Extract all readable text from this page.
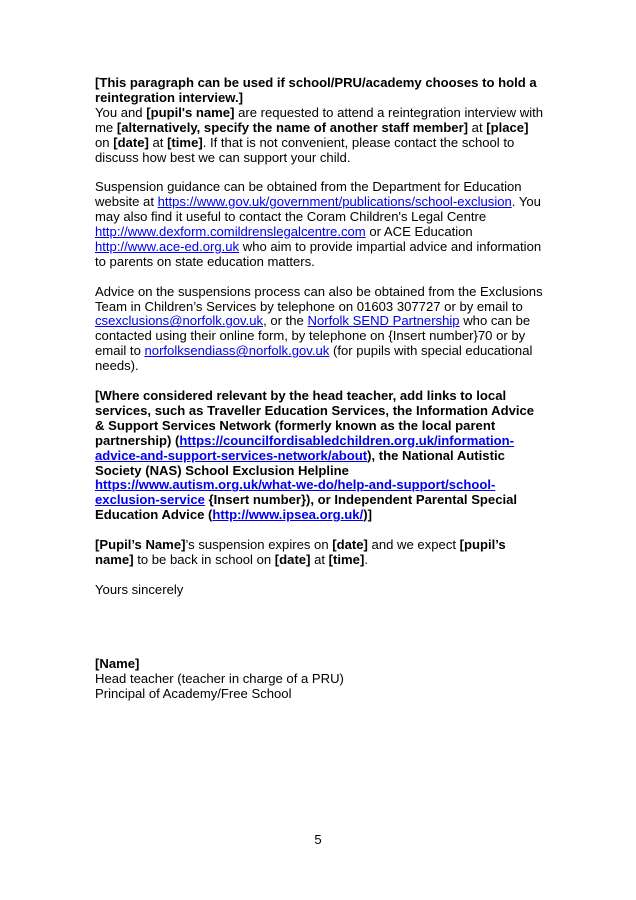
[This paragraph can be used if school/PRU/academy chooses to hold a reintegration interview.]
You and [pupil's name] are requested to attend a reintegration interview with me [alternatively, specify the name of another staff member] at [place] on [date] at [time]. If that is not convenient, please contact the school to discuss how best we can support your child.

Suspension guidance can be obtained from the Department for Education website at https://www.gov.uk/government/publications/school-exclusion. You may also find it useful to contact the Coram Children's Legal Centre http://www.dexform.comildrenslegalcentre.com or ACE Education http://www.ace-ed.org.uk who aim to provide impartial advice and information to parents on state education matters.

Advice on the suspensions process can also be obtained from the Exclusions Team in Children’s Services by telephone on 01603 307727 or by email to csexclusions@norfolk.gov.uk, or the Norfolk SEND Partnership who can be contacted using their online form, by telephone on {Insert number}70 or by email to norfolksendiass@norfolk.gov.uk (for pupils with special educational needs).

[Where considered relevant by the head teacher, add links to local services, such as Traveller Education Services, the Information Advice & Support Services Network (formerly known as the local parent partnership) (https://councilfordisabledchildren.org.uk/information-advice-and-support-services-network/about), the National Autistic Society (NAS) School Exclusion Helpline https://www.autism.org.uk/what-we-do/help-and-support/school-exclusion-service {Insert number}), or Independent Parental Special Education Advice (http://www.ipsea.org.uk/)]

[Pupil’s Name]’s suspension expires on [date] and we expect [pupil’s name] to be back in school on [date] at [time].

Yours sincerely

[Name]
Head teacher (teacher in charge of a PRU)
Principal of Academy/Free School
5
